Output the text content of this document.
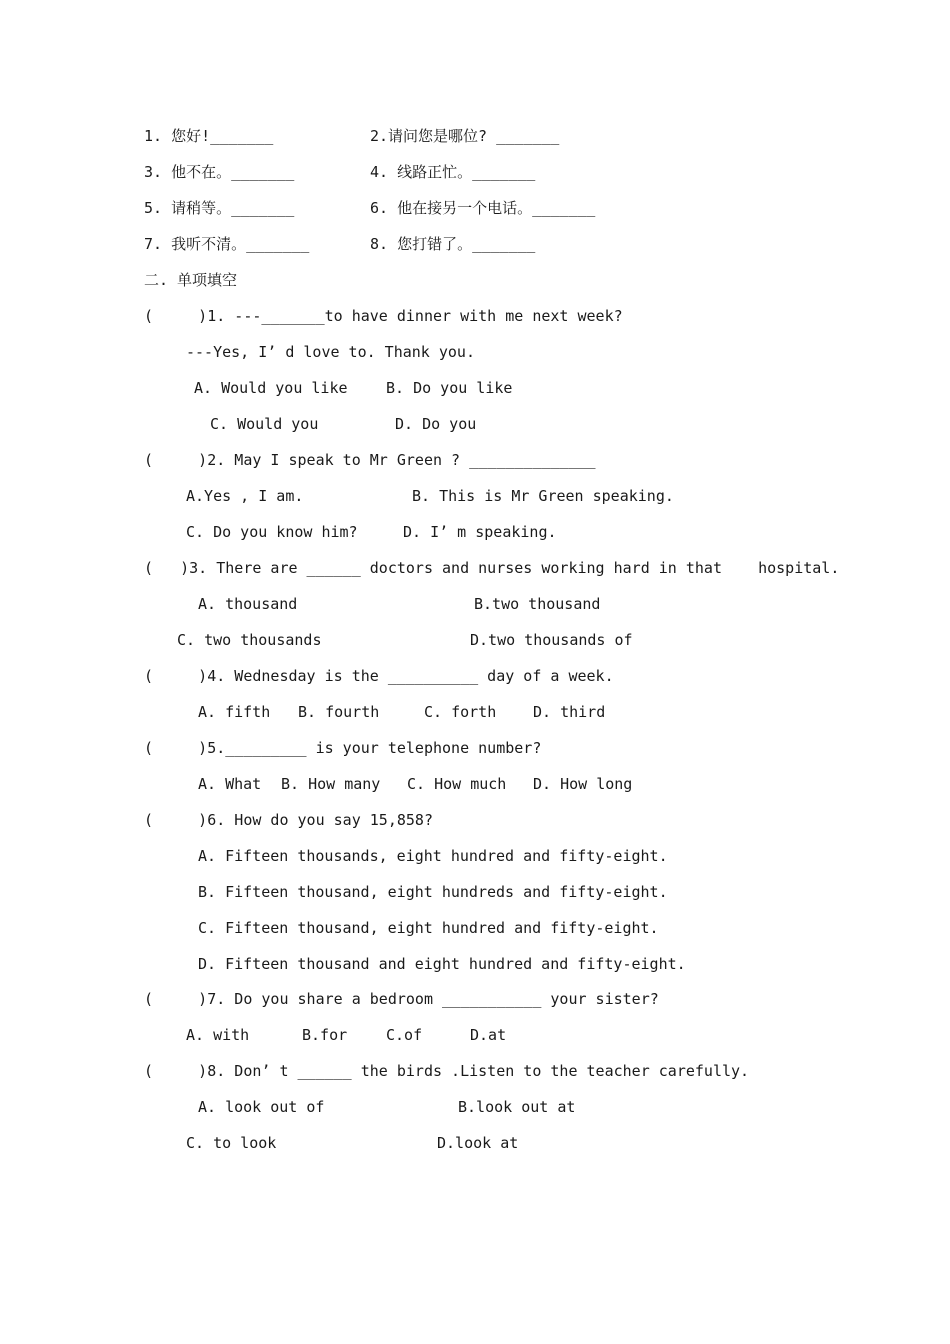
1. 您好!_______	2.请问您是哪位? _______
3. 他不在。_______	4. 线路正忙。_______
5. 请稍等。_______	6. 他在接另一个电话。_______
7. 我听不清。_______	8. 您打错了。_______
二. 单项填空
(     )1. ---_______to have dinner with me next week?
---Yes, I’ d love to. Thank you.
A. Would you like	B. Do you like
C. Would you	D. Do you
(     )2. May I speak to Mr Green ? ______________
A.Yes , I am.	B. This is Mr Green speaking.
C. Do you know him?	D. I’ m speaking.
(   )3. There are ______ doctors and nurses working hard in that    hospital.
A. thousand	B.two thousand
C. two thousands	D.two thousands of
(     )4. Wednesday is the __________ day of a week.
A. fifth B. fourth	C. forth D. third
(     )5._________ is your telephone number?
A. What B. How many C. How much D. How long
(     )6. How do you say 15,858?
A. Fifteen thousands, eight hundred and fifty-eight.
B. Fifteen thousand, eight hundreds and fifty-eight.
C. Fifteen thousand, eight hundred and fifty-eight.
D. Fifteen thousand and eight hundred and fifty-eight.
(     )7. Do you share a bedroom ___________ your sister?
A. with	B.for	C.of	D.at
(     )8. Don’ t ______ the birds .Listen to the teacher carefully.
A. look out of	B.look out at
C. to look	D.look at
